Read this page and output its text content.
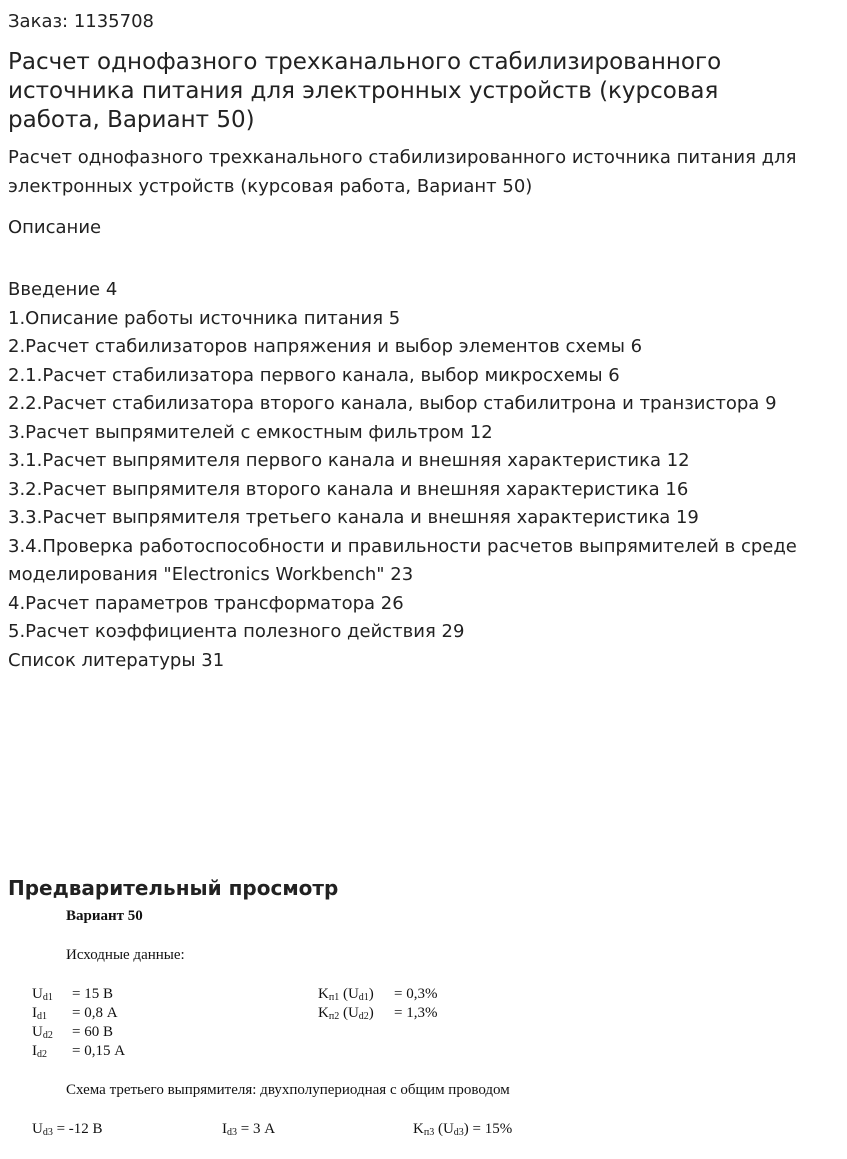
Заказ: 1135708
Расчет однофазного трехканального стабилизированного источника питания для электронных устройств (курсовая работа, Вариант 50)
Расчет однофазного трехканального стабилизированного источника питания для электронных устройств (курсовая работа, Вариант 50)
Описание
Введение 4
1.Описание работы источника питания 5
2.Расчет стабилизаторов напряжения и выбор элементов схемы 6
2.1.Расчет стабилизатора первого канала, выбор микросхемы 6
2.2.Расчет стабилизатора второго канала, выбор стабилитрона и транзистора 9
3.Расчет выпрямителей с емкостным фильтром 12
3.1.Расчет выпрямителя первого канала и внешняя характеристика 12
3.2.Расчет выпрямителя второго канала и внешняя характеристика 16
3.3.Расчет выпрямителя третьего канала и внешняя характеристика 19
3.4.Проверка работоспособности и правильности расчетов выпрямителей в среде моделирования "Electronics Workbench" 23
4.Расчет параметров трансформатора 26
5.Расчет коэффициента полезного действия 29
Список литературы 31
Предварительный просмотр
Вариант 50
Исходные данные:
$U_{d1} = 15$ В
$I_{d1} = 0,8$ А
$U_{d2} = 60$ В
$I_{d2} = 0,15$ А
$K_{п1}$ $(U_{d1}) = 0,3\%$
$K_{п2}$ $(U_{d2}) = 1,3\%$
Схема третьего выпрямителя: двухполупериодная с общим проводом
$U_{d3} = -12$ В	$I_{d3} = 3$ А	$K_{п3}$ $(U_{d3}) = 15\%$
